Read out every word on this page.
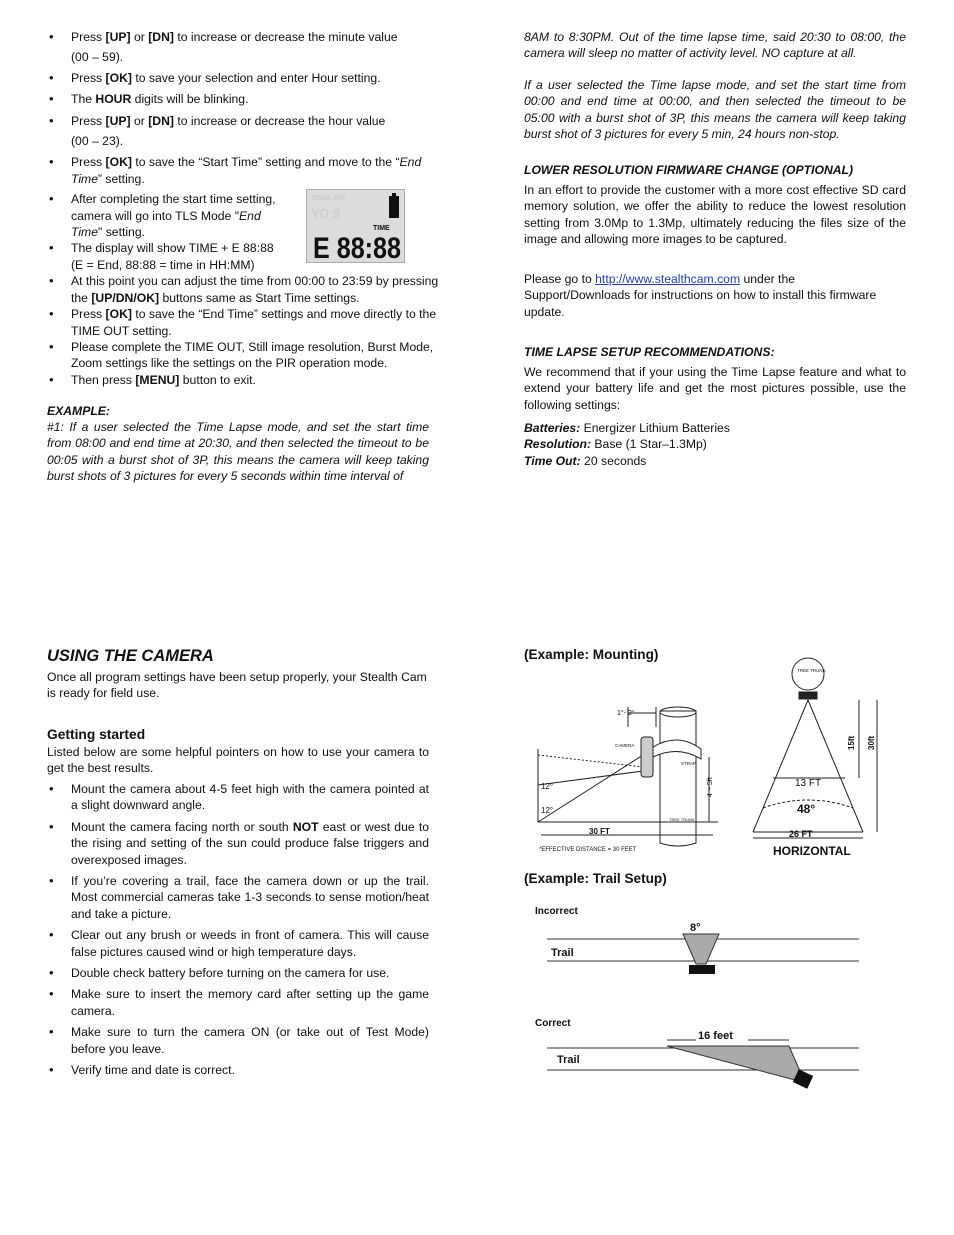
• Press [UP] or [DN] to increase or decrease the minute value
(00 – 59).
• Press [OK] to save your selection and enter Hour setting.
• The HOUR digits will be blinking.
• Press [UP] or [DN] to increase or decrease the hour value
(00 – 23).
• Press [OK] to save the “Start Time” setting and move to the “End Time” setting.
• After completing the start time setting, camera will go into TLS Mode "End Time" setting.
• The display will show TIME + E 88:88
(E = End, 88:88 = time in HH:MM)
• At this point you can adjust the time from 00:00 to 23:59 by pressing the [UP/DN/OK] buttons same as Start Time settings.
• Press [OK] to save the “End Time” settings and move directly to the TIME OUT setting.
• Please complete the TIME OUT, Still image resolution, Burst Mode, Zoom settings like the settings on the PIR operation mode.
• Then press [MENU] button to exit.
SINGL PIR
YD 9
TIME
E 88:88
EXAMPLE:
#1: If a user selected the Time Lapse mode, and set the start time from 08:00 and end time at 20:30, and then selected the timeout to be 00:05 with a burst shot of 3P, this means the camera will keep taking burst shots of 3 pictures for every 5 seconds within time interval of
8AM to 8:30PM. Out of the time lapse time, said 20:30 to 08:00, the camera will sleep no matter of activity level. NO capture at all.
If a user selected the Time lapse mode, and set the start time from 00:00 and end time at 00:00, and then selected the timeout to be 05:00 with a burst shot of 3P, this means the camera will keep taking burst shot of 3 pictures for every 5 min, 24 hours non-stop.
LOWER RESOLUTION FIRMWARE CHANGE (OPTIONAL)
In an effort to provide the customer with a more cost effective SD card memory solution, we offer the ability to reduce the lowest resolution setting from 3.0Mp to 1.3Mp, ultimately reducing the files size of the image and allowing more images to be captured.
Please go to http://www.stealthcam.com under the Support/Downloads for instructions on how to install this firmware update.
TIME LAPSE SETUP RECOMMENDATIONS:
We recommend that if your using the Time Lapse feature and what to extend your battery life and get the most pictures possible, use the following settings:
Batteries: Energizer Lithium Batteries
Resolution: Base (1 Star–1.3Mp)
Time Out: 20 seconds
USING THE CAMERA
Once all program settings have been setup properly, your Stealth Cam is ready for field use.
Getting started
Listed below are some helpful pointers on how to use your camera to get the best results.
• Mount the camera about 4-5 feet high with the camera pointed at a slight downward angle.
• Mount the camera facing north or south NOT east or west due to the rising and setting of the sun could produce false triggers and overexposed images.
• If you’re covering a trail, face the camera down or up the trail. Most commercial cameras take 1-3 seconds to sense motion/heat and take a picture.
• Clear out any brush or weeds in front of camera. This will cause false pictures caused wind or high temperature days.
• Double check battery before turning on the camera for use.
• Make sure to insert the memory card after setting up the game camera.
• Make sure to turn the camera ON (or take out of Test Mode) before you leave.
• Verify time and date is correct.
(Example: Mounting)
1°- 2°
CAMERA
STRAP
TREE TRUNK
4 ~ 5ft
12°
12°
30 FT
*EFFECTIVE DISTANCE = 30 FEET
TREE TRUNK
15ft 30ft
13 FT
48°
26 FT
HORIZONTAL
(Example: Trail Setup)
Incorrect
8°
Trail
Correct
16 feet
Trail
